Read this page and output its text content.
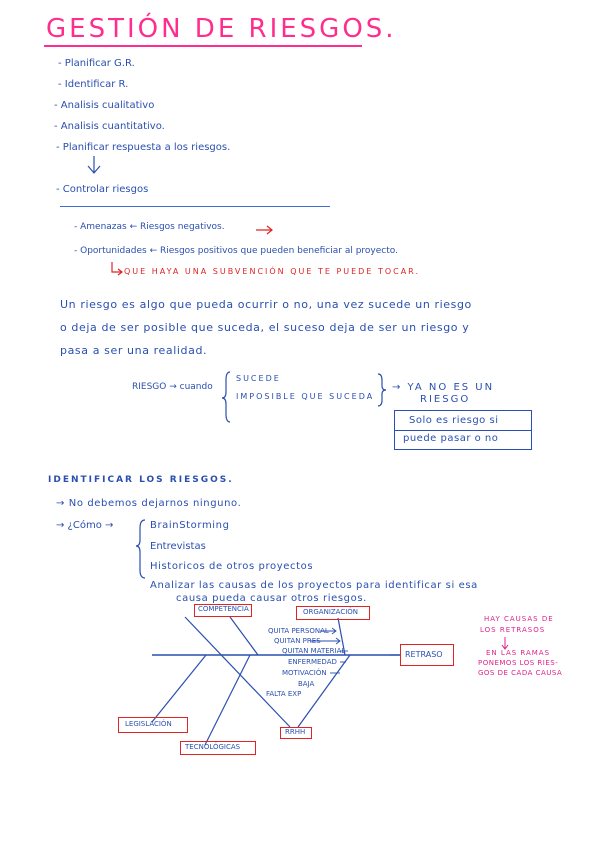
GESTIÓN DE RIESGOS.
- Planificar G.R.
- Identificar R.
- Analisis cualitativo
- Analisis cuantitativo.
- Planificar respuesta a los riesgos.
- Controlar riesgos
- Amenazas ← Riesgos negativos.
- Oportunidades ← Riesgos positivos que pueden beneficiar al proyecto.
QUE HAYA UNA SUBVENCIÓN QUE TE PUEDE TOCAR.
Un riesgo es algo que pueda ocurrir o no, una vez sucede un riesgo
o deja de ser posible que suceda, el suceso deja de ser un riesgo y
pasa a ser una realidad.
RIESGO → cuando
SUCEDE
IMPOSIBLE QUE SUCEDA
→ YA NO ES UN
RIESGO
Solo es riesgo si
puede pasar o no
IDENTIFICAR LOS RIESGOS.
→ No debemos dejarnos ninguno.
→ ¿Cómo →	BrainStorming
Entrevistas
Historicos de otros proyectos
Analizar las causas de los proyectos para identificar si esa
causa pueda causar otros riesgos.
COMPETENCIA	ORGANIZACIÓN
RETRASO
LEGISLACIÓN
TECNOLÓGICAS
RRHH
QUITA PERSONAL
QUITAN PRES
QUITAN MATERIAL
ENFERMEDAD
MOTIVACIÓN
BAJA
FALTA EXP
HAY CAUSAS DE
LOS RETRASOS
EN LAS RAMAS
PONEMOS LOS RIES-
GOS DE CADA CAUSA
